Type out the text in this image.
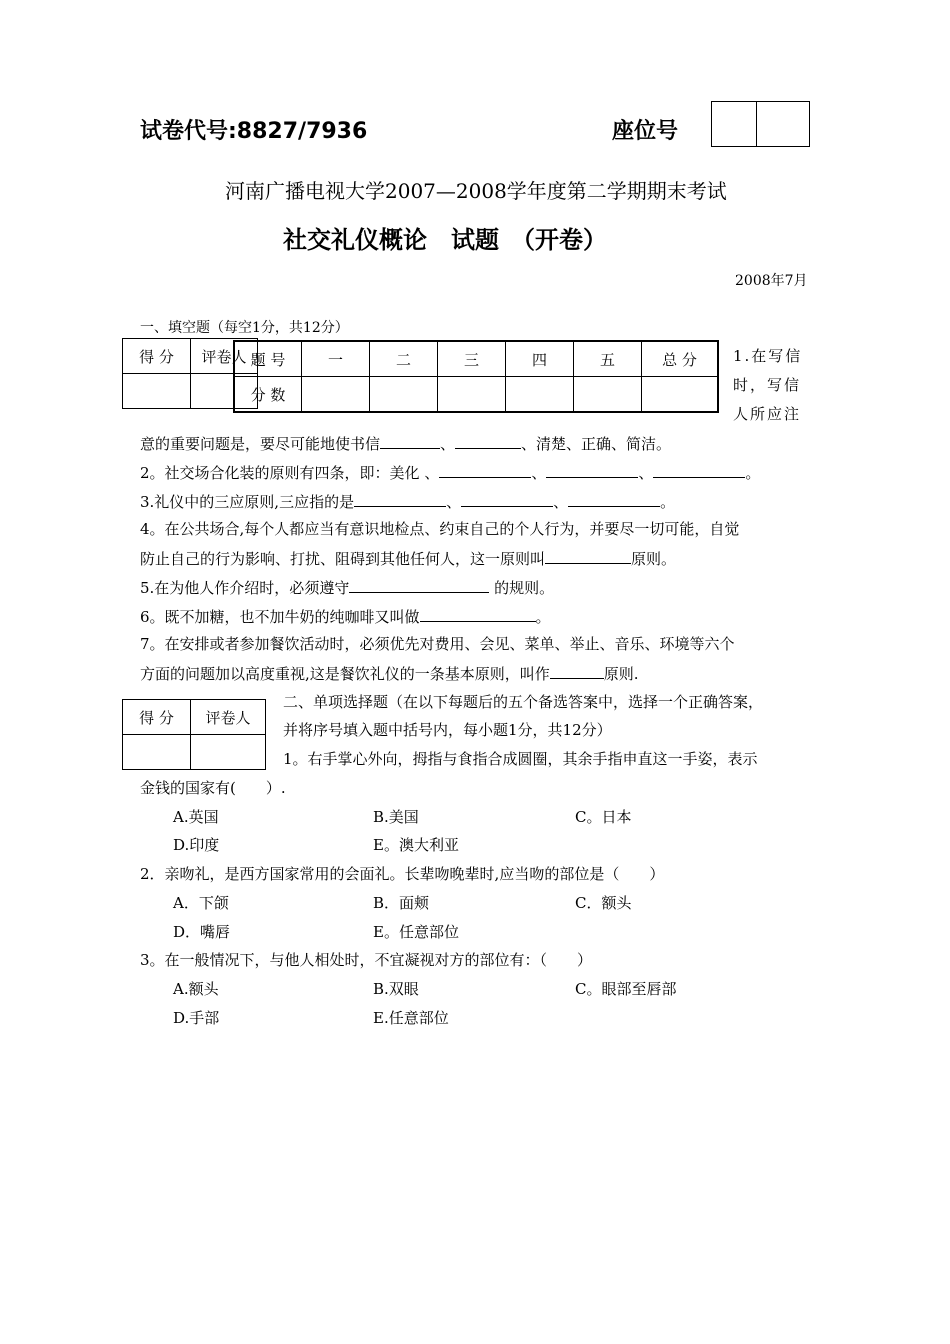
试卷代号:8827/7936	座位号

河南广播电视大学2007—2008学年度第二学期期末考试
社交礼仪概论　试题　（开卷）
2008年7月
一、填空题（每空1分，共12分）
得 分	评卷人
	题 号	一	二	三	四	五	总 分
分 数						
1.在写信
时，写信
人所应注
意的重要问题是，要尽可能地使书信	、	、清楚、正确、简洁。
2。社交场合化装的原则有四条，即：美化 、	、	、	。
3.礼仪中的三应原则,三应指的是	、	、	。
4。在公共场合,每个人都应当有意识地检点、约束自己的个人行为，并要尽一切可能，自觉
防止自己的行为影响、打扰、阻碍到其他任何人，这一原则叫	原则。
5.在为他人作介绍时，必须遵守	的规则。
6。既不加糖，也不加牛奶的纯咖啡又叫做	。
7。在安排或者参加餐饮活动时，必须优先对费用、会见、菜单、举止、音乐、环境等六个
方面的问题加以高度重视,这是餐饮礼仪的一条基本原则，叫作	原则.
得 分	评卷人

二、单项选择题（在以下每题后的五个备选答案中，选择一个正确答案，
并将序号填入题中括号内，每小题1分，共12分）
1。右手掌心外向，拇指与食指合成圆圈，其余手指申直这一手姿，表示
金钱的国家有(　　）.
A.英国	B.美国	C。日本
D.印度	E。澳大利亚
2．亲吻礼，是西方国家常用的会面礼。长辈吻晚辈时,应当吻的部位是（　　）
A．下颌	B．面颊	C．额头
D．嘴唇	E。任意部位
3。在一般情况下，与他人相处时，不宜凝视对方的部位有：（　　）
A.额头	B.双眼	C。眼部至唇部
D.手部	E.任意部位
